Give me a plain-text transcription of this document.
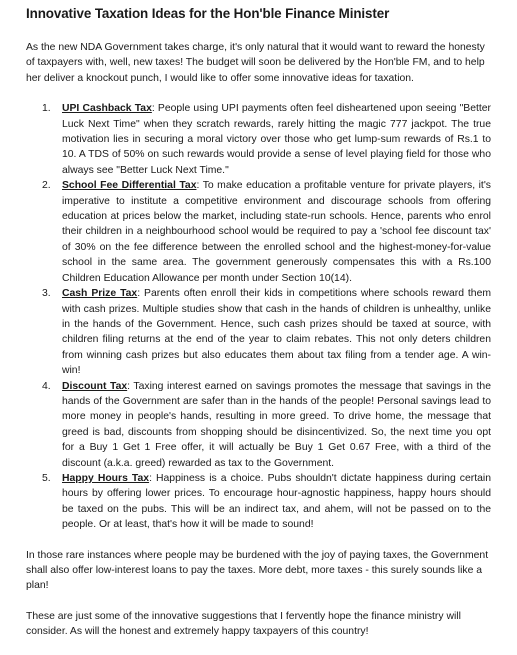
Innovative Taxation Ideas for the Hon'ble Finance Minister

As the new NDA Government takes charge, it's only natural that it would want to reward the honesty of taxpayers with, well, new taxes! The budget will soon be delivered by the Hon'ble FM, and to help her deliver a knockout punch, I would like to offer some innovative ideas for taxation.

1.	UPI Cashback Tax: People using UPI payments often feel disheartened upon seeing "Better Luck Next Time" when they scratch rewards, rarely hitting the magic 777 jackpot. The true motivation lies in securing a moral victory over those who get lump-sum rewards of Rs.1 to 10. A TDS of 50% on such rewards would provide a sense of level playing field for those who always see "Better Luck Next Time."
2.	School Fee Differential Tax: To make education a profitable venture for private players, it's imperative to institute a competitive environment and discourage schools from offering education at prices below the market, including state-run schools. Hence, parents who enrol their children in a neighbourhood school would be required to pay a 'school fee discount tax' of 30% on the fee difference between the enrolled school and the highest-money-for-value school in the same area. The government generously compensates this with a Rs.100 Children Education Allowance per month under Section 10(14).
3.	Cash Prize Tax: Parents often enroll their kids in competitions where schools reward them with cash prizes. Multiple studies show that cash in the hands of children is unhealthy, unlike in the hands of the Government. Hence, such cash prizes should be taxed at source, with children filing returns at the end of the year to claim rebates. This not only deters children from winning cash prizes but also educates them about tax filing from a tender age. A win-win!
4.	Discount Tax: Taxing interest earned on savings promotes the message that savings in the hands of the Government are safer than in the hands of the people! Personal savings lead to more money in people's hands, resulting in more greed. To drive home, the message that greed is bad, discounts from shopping should be disincentivized. So, the next time you opt for a Buy 1 Get 1 Free offer, it will actually be Buy 1 Get 0.67 Free, with a third of the discount (a.k.a. greed) rewarded as tax to the Government.
5.	Happy Hours Tax: Happiness is a choice. Pubs shouldn't dictate happiness during certain hours by offering lower prices. To encourage hour-agnostic happiness, happy hours should be taxed on the pubs. This will be an indirect tax, and ahem, will not be passed on to the people. Or at least, that's how it will be made to sound!

In those rare instances where people may be burdened with the joy of paying taxes, the Government shall also offer low-interest loans to pay the taxes. More debt, more taxes - this surely sounds like a plan!

These are just some of the innovative suggestions that I fervently hope the finance ministry will consider. As will the honest and extremely happy taxpayers of this country!
